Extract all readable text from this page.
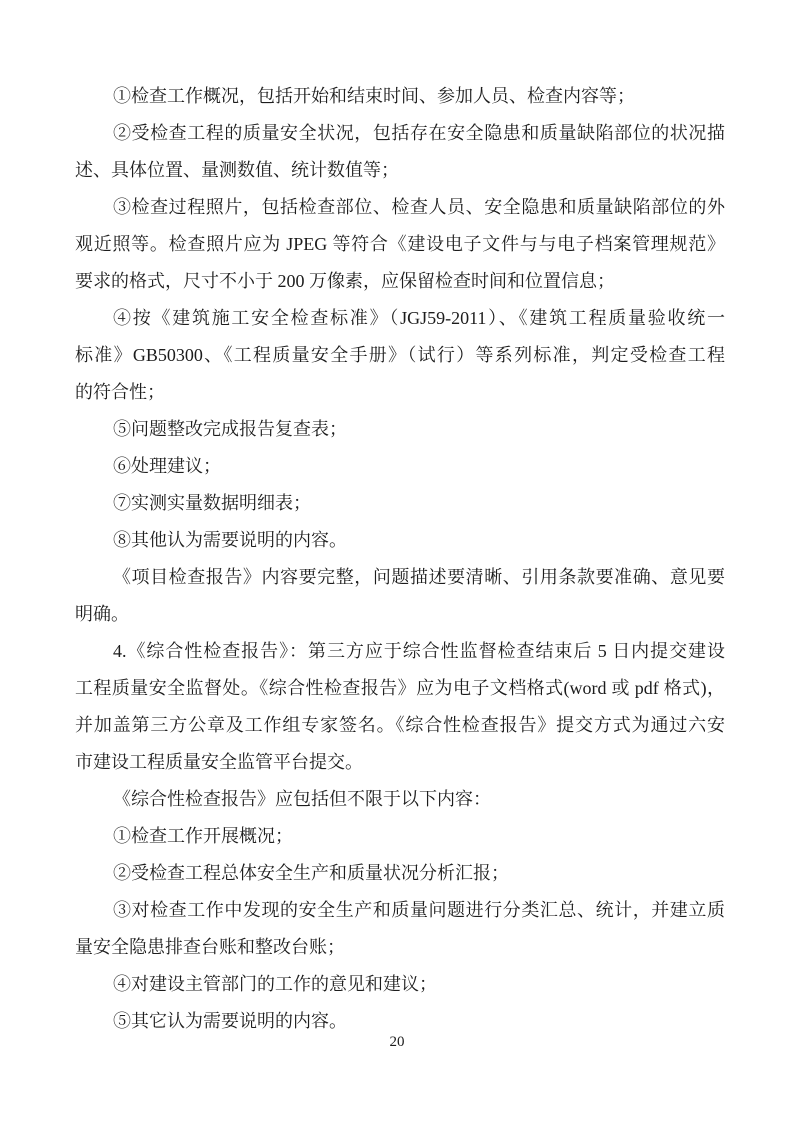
①检查工作概况，包括开始和结束时间、参加人员、检查内容等；
②受检查工程的质量安全状况，包括存在安全隐患和质量缺陷部位的状况描
述、具体位置、量测数值、统计数值等；
③检查过程照片，包括检查部位、检查人员、安全隐患和质量缺陷部位的外
观近照等。检查照片应为 JPEG 等符合《建设电子文件与与电子档案管理规范》
要求的格式，尺寸不小于 200 万像素，应保留检查时间和位置信息；
④按《建筑施工安全检查标准》（JGJ59-2011）、《建筑工程质量验收统一
标准》GB50300、《工程质量安全手册》（试行）等系列标准，判定受检查工程
的符合性；
⑤问题整改完成报告复查表；
⑥处理建议；
⑦实测实量数据明细表；
⑧其他认为需要说明的内容。
《项目检查报告》内容要完整，问题描述要清晰、引用条款要准确、意见要
明确。
4.《综合性检查报告》：第三方应于综合性监督检查结束后 5 日内提交建设
工程质量安全监督处。《综合性检查报告》应为电子文档格式(word 或 pdf 格式)，
并加盖第三方公章及工作组专家签名。《综合性检查报告》提交方式为通过六安
市建设工程质量安全监管平台提交。
《综合性检查报告》应包括但不限于以下内容：
①检查工作开展概况；
②受检查工程总体安全生产和质量状况分析汇报；
③对检查工作中发现的安全生产和质量问题进行分类汇总、统计，并建立质
量安全隐患排查台账和整改台账；
④对建设主管部门的工作的意见和建议；
⑤其它认为需要说明的内容。
20
